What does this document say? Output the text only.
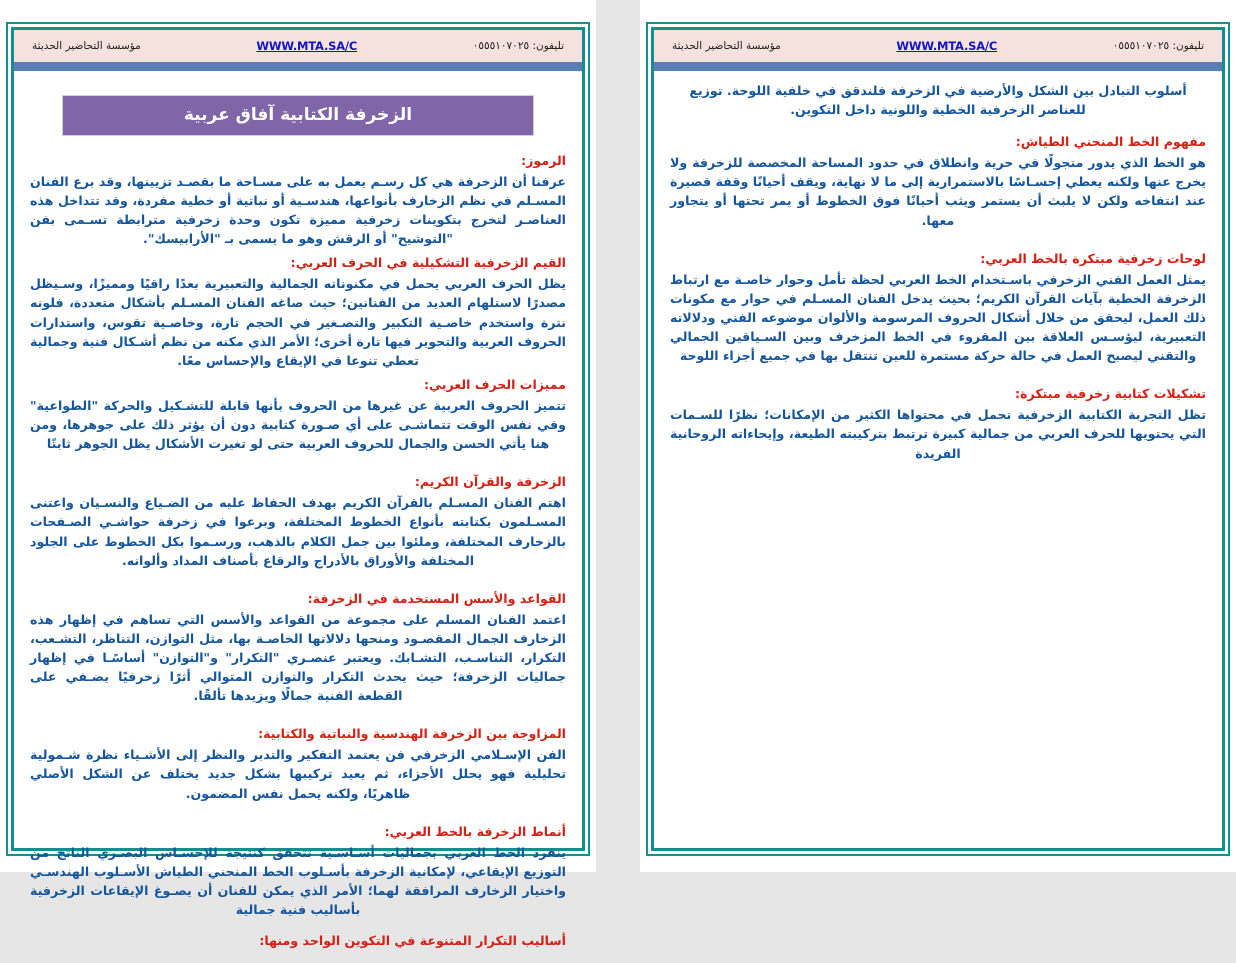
تليفون: ٠٥٥٥١٠٧٠٢٥
WWW.MTA.SA/C
مؤسسة التحاضير الحديثة

أسلوب التبادل بين الشكل والأرضية في الزخرفة فلندقق في خلفية اللوحة. توزيع للعناصر الزخرفية الخطية واللونية داخل التكوين.

مفهوم الخط المنحني الطياش:

هو الخط الذي يدور متجولًا في حرية وانطلاق في حدود المساحة المخصصة للزخرفة ولا يخرج عنها ولكنه يعطي إحسـاسًا بالاستمرارية إلى ما لا نهاية، ويقف أحيانًا وقفة قصيرة عند انتفاخه ولكن لا يلبث أن يستمر ويثب أحيانًا فوق الخطوط أو يمر تحتها أو يتجاور معها.

لوحات زخرفية مبتكرة بالخط العربي:

يمثل العمل الفني الزخرفي باسـتخدام الخط العربي لحظة تأمل وحوار خاصـة مع ارتباط الزخرفة الخطية بآيات القرآن الكريم؛ بحيث يدخل الفنان المسـلم في حوار مع مكونات ذلك العمل، ليحقق من خلال أشكال الحروف المرسومة والألوان موضوعه الفني ودلالاته التعبيرية، ليؤسـس العلاقة بين المقروء في الخط المزخرف وبين السـياقين الجمالي والتقني ليصبح العمل في حالة حركة مستمرة للعين تنتقل بها في جميع أجزاء اللوحة

تشكيلات كتابية زخرفية مبتكرة:

تظل التجربة الكتابية الزخرفية تحمل في محتواها الكثير من الإمكانات؛ نظرًا للسـمات التي يحتويها للحرف العربي من جمالية كبيرة ترتبط بتركيبته الطيعة، وإيحاءاته الروحانية الفريدة

تليفون: ٠٥٥٥١٠٧٠٢٥
WWW.MTA.SA/C
مؤسسة التحاضير الحديثة
الزخرفة الكتابية آفاق عربية

الرموز:

عرفنا أن الزخرفة هي كل رسـم يعمل به على مسـاحة ما بقصـد تزيينها، وقد برع الفنان المسـلم في نظم الزخارف بأنواعها، هندسـية أو نباتية أو خطية مفردة، وقد تتداخل هذه العناصـر لتخرج بتكوينات زخرفية مميزة تكون وحدة زخرفية مترابطة تسـمى بفن "التوشيح" أو الرقش وهو ما يسمى بـ "الأرابيسك".

القيم الزخرفية التشكيلية في الحرف العربي:

يظل الحرف العربي يحمل في مكنوناته الجمالية والتعبيرية بعدًا راقيًا ومميزًا، وسـيظل مصدرًا لاستلهام العديد من الفنانين؛ حيث صاغه الفنان المسـلم بأشكال متعددة، فلونه نترة واستخدم خاصـية التكبير والتصـغير في الحجم تارة، وخاصـية تقوس، واستدارات الحروف العربية والتحوير فيها تارة أخرى؛ الأمر الذي مكنه من نظم أشـكال فنية وجمالية تعطي تنوعا في الإيقاع والإحساس معًا.

مميزات الحرف العربي:

تتميز الحروف العربية عن غيرها من الحروف بأنها قابلة للتشـكيل والحركة "الطواعية" وفي نفس الوقت تتماشـى على أي صـورة كتابية دون أن يؤثر ذلك على جوهرها، ومن هنا يأتي الحسن والجمال للحروف العربية حتى لو تغيرت الأشكال يظل الجوهر ثابتًا

الزخرفة والقرآن الكريم:

اهتم الفنان المسـلم بالقرآن الكريم بهدف الحفاظ عليه من الضـياع والنسـيان واعتنى المسـلمون بكتابته بأنواع الخطوط المختلفة، وبرعوا في زخرفة حواشـي الصـفحات بالزخارف المختلفة، وملئوا بين جمل الكلام بالذهب، ورسـموا بكل الخطوط على الجلود المختلفة والأوراق بالأدراج والرقاع بأصناف المداد وألوانه.

القواعد والأسس المستخدمة في الزخرفة:

اعتمد الفنان المسلم على مجموعة من القواعد والأسس التي تساهم في إظهار هذه الزخارف الجمال المقصـود ومنحها دلالاتها الخاصـة بها، مثل التوازن، التناظر، التشـعب، التكرار، التناسـب، التشـابك. ويعتبر عنصـري "التكرار" و"التوازن" أساسًـا في إظهار جماليات الزخرفة؛ حيث يحدث التكرار والتوازن المتوالي أثرًا زخرفيًا يضـفي على القطعة الفنية جمالًا ويزيدها تألقًا.

المزاوجة بين الزخرفة الهندسية والنباتية والكتابية:

الفن الإسـلامي الزخرفي فن يعتمد التفكير والتدبر والنظر إلى الأشـياء نظرة شـمولية تحليلية فهو يحلل الأجزاء، ثم يعيد تركيبها بشكل جديد يختلف عن الشكل الأصلي ظاهريًا، ولكنه يحمل نفس المضمون.

أنماط الزخرفة بالخط العربي:

ينفرد الخط العربي بجماليات أسـاسـية تتحقق كنتيجة للإحسـاس البصـري الناتج من التوزيع الإيقاعي، لإمكانية الزخرفة بأسـلوب الخط المنحني الطياش الأسـلوب الهندسـي واختيار الزخارف المرافقة لهما؛ الأمر الذي يمكن للفنان أن يصـوغ الإيقاعات الزخرفية بأساليب فنية جمالية

أساليب التكرار المتنوعة في التكوين الواحد ومنها:
